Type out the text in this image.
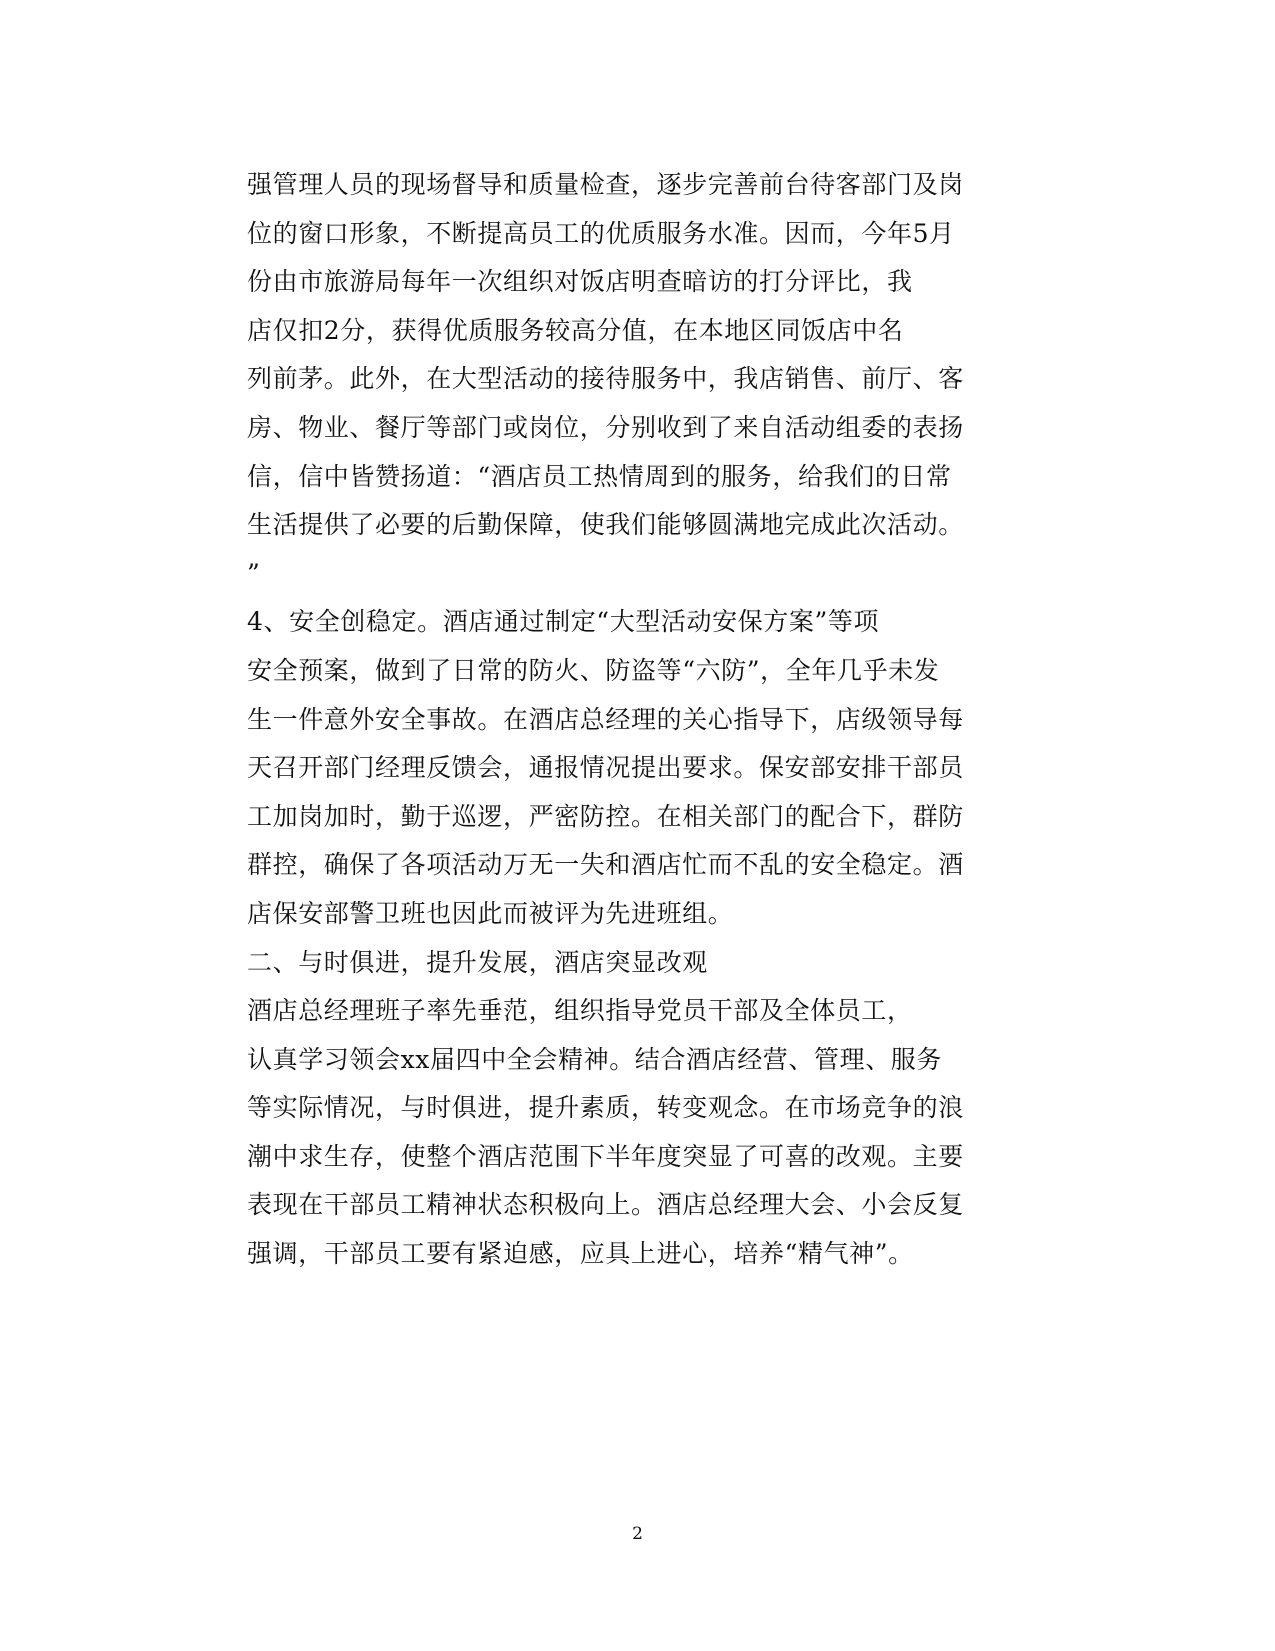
强管理人员的现场督导和质量检查，逐步完善前台待客部门及岗
位的窗口形象，不断提高员工的优质服务水准。因而，今年5月
份由市旅游局每年一次组织对饭店明查暗访的打分评比，我
店仅扣2分，获得优质服务较高分值，在本地区同饭店中名
列前茅。此外，在大型活动的接待服务中，我店销售、前厅、客
房、物业、餐厅等部门或岗位，分别收到了来自活动组委的表扬
信，信中皆赞扬道：“酒店员工热情周到的服务，给我们的日常
生活提供了必要的后勤保障，使我们能够圆满地完成此次活动。
”
4、安全创稳定。酒店通过制定“大型活动安保方案”等项
安全预案，做到了日常的防火、防盗等“六防”，全年几乎未发
生一件意外安全事故。在酒店总经理的关心指导下，店级领导每
天召开部门经理反馈会，通报情况提出要求。保安部安排干部员
工加岗加时，勤于巡逻，严密防控。在相关部门的配合下，群防
群控，确保了各项活动万无一失和酒店忙而不乱的安全稳定。酒
店保安部警卫班也因此而被评为先进班组。
二、与时俱进，提升发展，酒店突显改观
酒店总经理班子率先垂范，组织指导党员干部及全体员工，
认真学习领会xx届四中全会精神。结合酒店经营、管理、服务
等实际情况，与时俱进，提升素质，转变观念。在市场竞争的浪
潮中求生存，使整个酒店范围下半年度突显了可喜的改观。主要
表现在干部员工精神状态积极向上。酒店总经理大会、小会反复
强调，干部员工要有紧迫感，应具上进心，培养“精气神”。
2
